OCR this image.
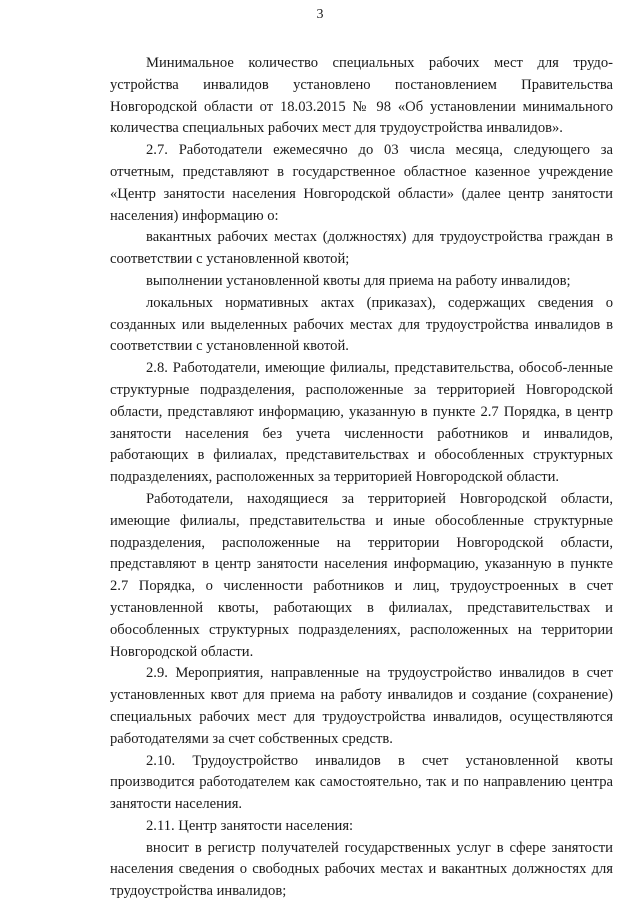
3

Минимальное количество специальных рабочих мест для трудо-устройства инвалидов установлено постановлением Правительства Новгородской области от 18.03.2015 № 98 «Об установлении минимального количества специальных рабочих мест для трудоустройства инвалидов».

2.7. Работодатели ежемесячно до 03 числа месяца, следующего за отчетным, представляют в государственное областное казенное учреждение «Центр занятости населения Новгородской области» (далее центр занятости населения) информацию о:

вакантных рабочих местах (должностях) для трудоустройства граждан в соответствии с установленной квотой;

выполнении установленной квоты для приема на работу инвалидов;

локальных нормативных актах (приказах), содержащих сведения о созданных или выделенных рабочих местах для трудоустройства инвалидов в соответствии с установленной квотой.

2.8. Работодатели, имеющие филиалы, представительства, обособ-ленные структурные подразделения, расположенные за территорией Новгородской области, представляют информацию, указанную в пункте 2.7 Порядка, в центр занятости населения без учета численности работников и инвалидов, работающих в филиалах, представительствах и обособленных структурных подразделениях, расположенных за территорией Новгородской области.

Работодатели, находящиеся за территорией Новгородской области, имеющие филиалы, представительства и иные обособленные структурные подразделения, расположенные на территории Новгородской области, представляют в центр занятости населения информацию, указанную в пункте 2.7 Порядка, о численности работников и лиц, трудоустроенных в счет установленной квоты, работающих в филиалах, представительствах и обособленных структурных подразделениях, расположенных на территории Новгородской области.

2.9. Мероприятия, направленные на трудоустройство инвалидов в счет установленных квот для приема на работу инвалидов и создание (сохранение) специальных рабочих мест для трудоустройства инвалидов, осуществляются работодателями за счет собственных средств.

2.10. Трудоустройство инвалидов в счет установленной квоты производится работодателем как самостоятельно, так и по направлению центра занятости населения.

2.11. Центр занятости населения:

вносит в регистр получателей государственных услуг в сфере занятости населения сведения о свободных рабочих местах и вакантных должностях для трудоустройства инвалидов;
